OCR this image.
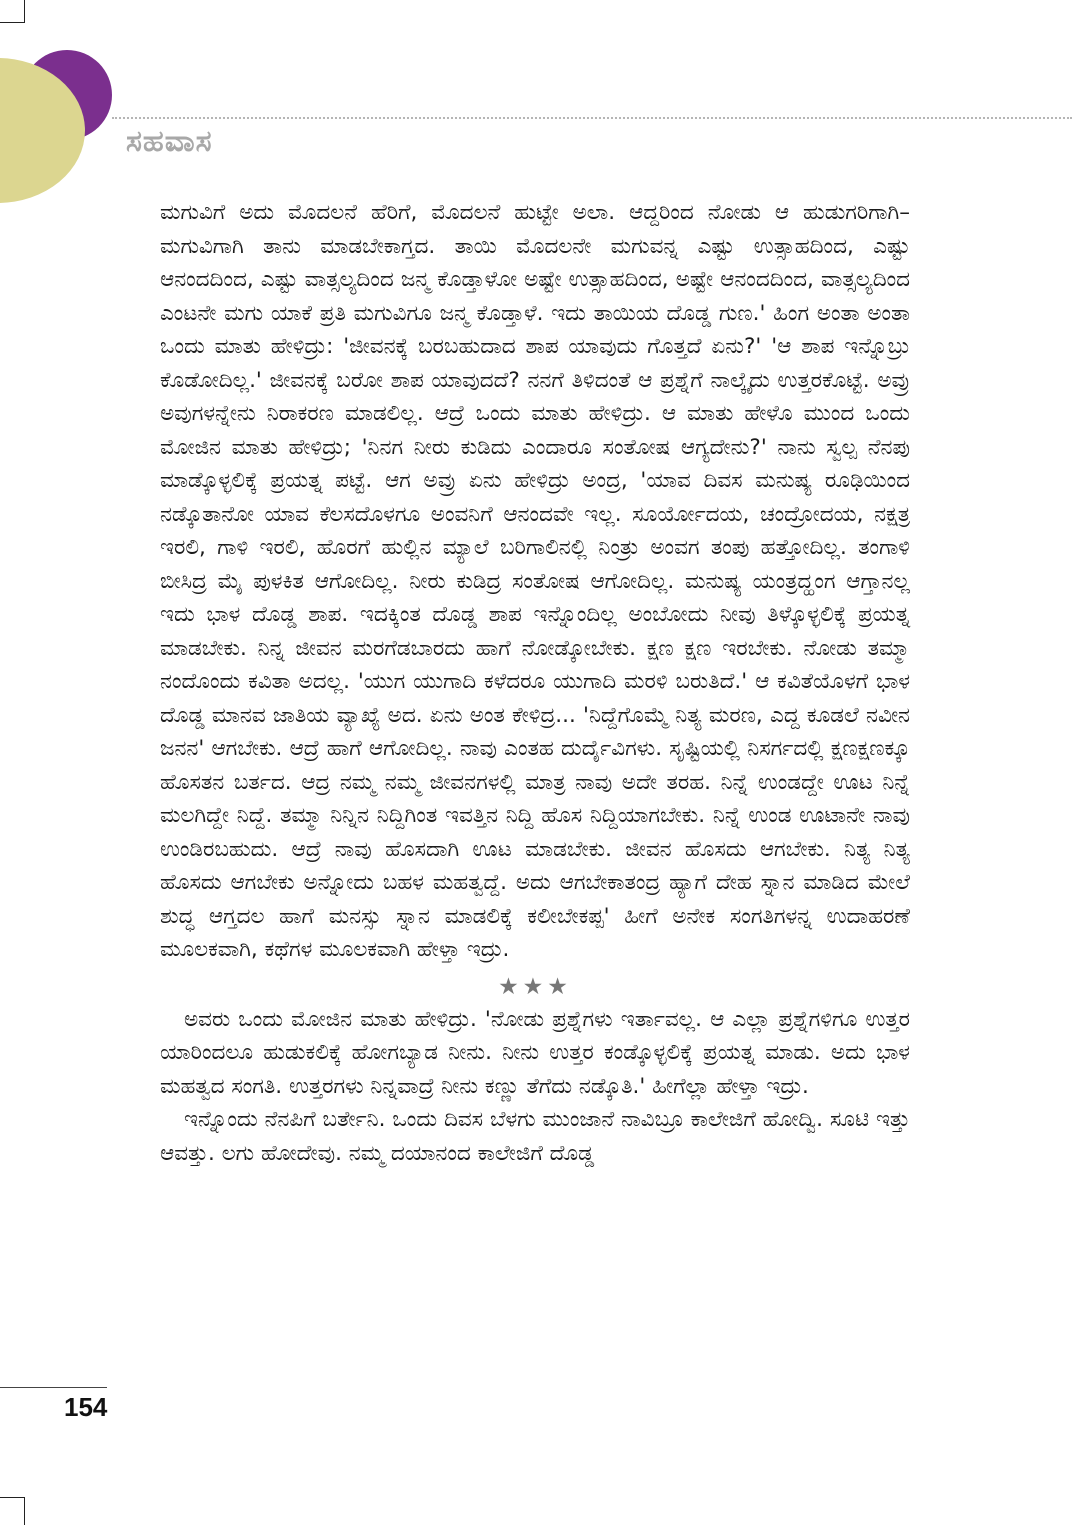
ಸಹವಾಸ

ಮಗುವಿಗೆ ಅದು ಮೊದಲನೆ ಹೆರಿಗೆ, ಮೊದಲನೆ ಹುಟ್ಟೇ ಅಲಾ. ಆದ್ದರಿಂದ ನೋಡು ಆ ಹುಡುಗರಿಗಾಗಿ–ಮಗುವಿಗಾಗಿ ತಾನು ಮಾಡಬೇಕಾಗ್ತದ. ತಾಯಿ ಮೊದಲನೇ ಮಗುವನ್ನ ಎಷ್ಟು ಉತ್ಸಾಹದಿಂದ, ಎಷ್ಟು ಆನಂದದಿಂದ, ಎಷ್ಟು ವಾತ್ಸಲ್ಯದಿಂದ ಜನ್ಮ ಕೊಡ್ತಾಳೋ ಅಷ್ಟೇ ಉತ್ಸಾಹದಿಂದ, ಅಷ್ಟೇ ಆನಂದದಿಂದ, ವಾತ್ಸಲ್ಯದಿಂದ ಎಂಟನೇ ಮಗು ಯಾಕೆ ಪ್ರತಿ ಮಗುವಿಗೂ ಜನ್ಮ ಕೊಡ್ತಾಳೆ. ಇದು ತಾಯಿಯ ದೊಡ್ಡ ಗುಣ.' ಹಿಂಗ ಅಂತಾ ಅಂತಾ ಒಂದು ಮಾತು ಹೇಳಿದ್ರು: 'ಜೀವನಕ್ಕೆ ಬರಬಹುದಾದ ಶಾಪ ಯಾವುದು ಗೊತ್ತದೆ ಏನು?' 'ಆ ಶಾಪ ಇನ್ನೊಬ್ರು ಕೊಡೋದಿಲ್ಲ.' ಜೀವನಕ್ಕೆ ಬರೋ ಶಾಪ ಯಾವುದದೆ? ನನಗೆ ತಿಳಿದಂತೆ ಆ ಪ್ರಶ್ನೆಗೆ ನಾಲ್ಕೈದು ಉತ್ತರಕೊಟ್ಟೆ. ಅವ್ರು ಅವುಗಳನ್ನೇನು ನಿರಾಕರಣ ಮಾಡಲಿಲ್ಲ. ಆದ್ರೆ ಒಂದು ಮಾತು ಹೇಳಿದ್ರು. ಆ ಮಾತು ಹೇಳೊ ಮುಂದ ಒಂದು ಮೋಜಿನ ಮಾತು ಹೇಳಿದ್ರು; 'ನಿನಗ ನೀರು ಕುಡಿದು ಎಂದಾರೂ ಸಂತೋಷ ಆಗ್ಯದೇನು?' ನಾನು ಸ್ವಲ್ಪ ನೆನಪು ಮಾಡ್ಕೊಳ್ಳಲಿಕ್ಕೆ ಪ್ರಯತ್ನ ಪಟ್ಟೆ. ಆಗ ಅವ್ರು ಏನು ಹೇಳಿದ್ರು ಅಂದ್ರ, 'ಯಾವ ದಿವಸ ಮನುಷ್ಯ ರೂಢಿಯಿಂದ ನಡ್ಕೊತಾನೋ ಯಾವ ಕೆಲಸದೊಳಗೂ ಅಂವನಿಗೆ ಆನಂದವೇ ಇಲ್ಲ. ಸೂರ್ಯೋದಯ, ಚಂದ್ರೋದಯ, ನಕ್ಷತ್ರ ಇರಲಿ, ಗಾಳಿ ಇರಲಿ, ಹೊರಗೆ ಹುಲ್ಲಿನ ಮ್ಯಾಲೆ ಬರಿಗಾಲಿನಲ್ಲಿ ನಿಂತ್ರು ಅಂವಗ ತಂಪು ಹತ್ತೋದಿಲ್ಲ. ತಂಗಾಳಿ ಬೀಸಿದ್ರ ಮೈ ಪುಳಕಿತ ಆಗೋದಿಲ್ಲ. ನೀರು ಕುಡಿದ್ರ ಸಂತೋಷ ಆಗೋದಿಲ್ಲ. ಮನುಷ್ಯ ಯಂತ್ರದ್ಹಂಗ ಆಗ್ತಾನಲ್ಲ ಇದು ಭಾಳ ದೊಡ್ಡ ಶಾಪ. ಇದಕ್ಕಿಂತ ದೊಡ್ಡ ಶಾಪ ಇನ್ನೊಂದಿಲ್ಲ ಅಂಬೋದು ನೀವು ತಿಳ್ಕೊಳ್ಳಲಿಕ್ಕೆ ಪ್ರಯತ್ನ ಮಾಡಬೇಕು. ನಿನ್ನ ಜೀವನ ಮರಗೆಡಬಾರದು ಹಾಗೆ ನೋಡ್ಕೋಬೇಕು. ಕ್ಷಣ ಕ್ಷಣ ಇರಬೇಕು. ನೋಡು ತಮ್ಮಾ ನಂದೊಂದು ಕವಿತಾ ಅದಲ್ಲ. 'ಯುಗ ಯುಗಾದಿ ಕಳೆದರೂ ಯುಗಾದಿ ಮರಳಿ ಬರುತಿದೆ.' ಆ ಕವಿತೆಯೊಳಗೆ ಭಾಳ ದೊಡ್ಡ ಮಾನವ ಜಾತಿಯ ವ್ಯಾಖ್ಯೆ ಅದ. ಏನು ಅಂತ ಕೇಳಿದ್ರ... 'ನಿದ್ದೆಗೊಮ್ಮೆ ನಿತ್ಯ ಮರಣ, ಎದ್ದ ಕೂಡಲೆ ನವೀನ ಜನನ' ಆಗಬೇಕು. ಆದ್ರೆ ಹಾಗೆ ಆಗೋದಿಲ್ಲ. ನಾವು ಎಂತಹ ದುರ್ದೈವಿಗಳು. ಸೃಷ್ಟಿಯಲ್ಲಿ ನಿಸರ್ಗದಲ್ಲಿ ಕ್ಷಣಕ್ಷಣಕ್ಕೂ ಹೊಸತನ ಬರ್ತದ. ಆದ್ರ ನಮ್ಮ ನಮ್ಮ ಜೀವನಗಳಲ್ಲಿ ಮಾತ್ರ ನಾವು ಅದೇ ತರಹ. ನಿನ್ನೆ ಉಂಡದ್ದೇ ಊಟ ನಿನ್ನೆ ಮಲಗಿದ್ದೇ ನಿದ್ದೆ. ತಮ್ಮಾ ನಿನ್ನಿನ ನಿದ್ದಿಗಿಂತ ಇವತ್ತಿನ ನಿದ್ದಿ ಹೊಸ ನಿದ್ದಿಯಾಗಬೇಕು. ನಿನ್ನೆ ಉಂಡ ಊಟಾನೇ ನಾವು ಉಂಡಿರಬಹುದು. ಆದ್ರೆ ನಾವು ಹೊಸದಾಗಿ ಊಟ ಮಾಡಬೇಕು. ಜೀವನ ಹೊಸದು ಆಗಬೇಕು. ನಿತ್ಯ ನಿತ್ಯ ಹೊಸದು ಆಗಬೇಕು ಅನ್ನೋದು ಬಹಳ ಮಹತ್ವದ್ದೆ. ಅದು ಆಗಬೇಕಾತಂದ್ರ ಹ್ಯಾಗೆ ದೇಹ ಸ್ನಾನ ಮಾಡಿದ ಮೇಲೆ ಶುದ್ಧ ಆಗ್ತದಲ ಹಾಗೆ ಮನಸ್ಸು ಸ್ನಾನ ಮಾಡಲಿಕ್ಕೆ ಕಲೀಬೇಕಪ್ಪ' ಹೀಗೆ ಅನೇಕ ಸಂಗತಿಗಳನ್ನ ಉದಾಹರಣೆ ಮೂಲಕವಾಗಿ, ಕಥೆಗಳ ಮೂಲಕವಾಗಿ ಹೇಳ್ತಾ ಇದ್ರು.

★★★

ಅವರು ಒಂದು ಮೋಜಿನ ಮಾತು ಹೇಳಿದ್ರು. 'ನೋಡು ಪ್ರಶ್ನೆಗಳು ಇರ್ತಾವಲ್ಲ. ಆ ಎಲ್ಲಾ ಪ್ರಶ್ನೆಗಳಿಗೂ ಉತ್ತರ ಯಾರಿಂದಲೂ ಹುಡುಕಲಿಕ್ಕೆ ಹೋಗಬ್ಯಾಡ ನೀನು. ನೀನು ಉತ್ತರ ಕಂಡ್ಕೊಳ್ಳಲಿಕ್ಕೆ ಪ್ರಯತ್ನ ಮಾಡು. ಅದು ಭಾಳ ಮಹತ್ವದ ಸಂಗತಿ. ಉತ್ತರಗಳು ನಿನ್ನವಾದ್ರೆ ನೀನು ಕಣ್ಣು ತೆಗೆದು ನಡ್ಕೊತಿ.' ಹೀಗೆಲ್ಲಾ ಹೇಳ್ತಾ ಇದ್ರು.

ಇನ್ನೊಂದು ನೆನಪಿಗೆ ಬರ್ತೇನಿ. ಒಂದು ದಿವಸ ಬೆಳಗು ಮುಂಜಾನೆ ನಾವಿಬ್ರೂ ಕಾಲೇಜಿಗೆ ಹೋದ್ವಿ. ಸೂಟಿ ಇತ್ತು ಆವತ್ತು. ಲಗು ಹೋದೇವು. ನಮ್ಮ ದಯಾನಂದ ಕಾಲೇಜಿಗೆ ದೊಡ್ಡ

154
